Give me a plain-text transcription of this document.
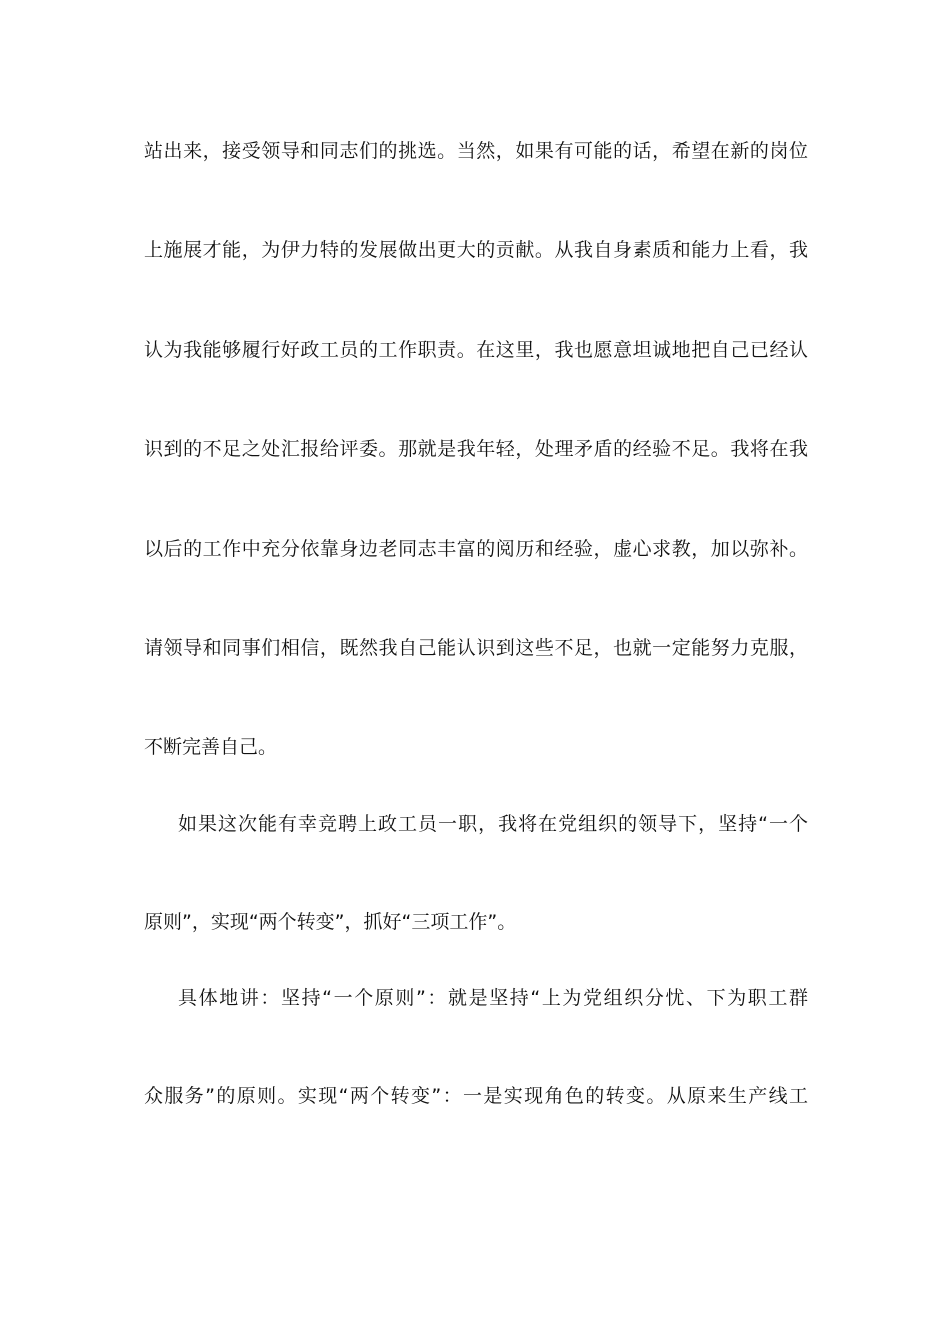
站出来，接受领导和同志们的挑选。当然，如果有可能的话，希望在新的岗位
上施展才能，为伊力特的发展做出更大的贡献。从我自身素质和能力上看，我
认为我能够履行好政工员的工作职责。在这里，我也愿意坦诚地把自己已经认
识到的不足之处汇报给评委。那就是我年轻，处理矛盾的经验不足。我将在我
以后的工作中充分依靠身边老同志丰富的阅历和经验，虚心求教，加以弥补。
请领导和同事们相信，既然我自己能认识到这些不足，也就一定能努力克服，
不断完善自己。
如果这次能有幸竞聘上政工员一职，我将在党组织的领导下，坚持“一个
原则”，实现“两个转变”，抓好“三项工作”。
具体地讲：坚持“一个原则”：就是坚持“上为党组织分忧、下为职工群
众服务”的原则。实现“两个转变”：一是实现角色的转变。从原来生产线工
